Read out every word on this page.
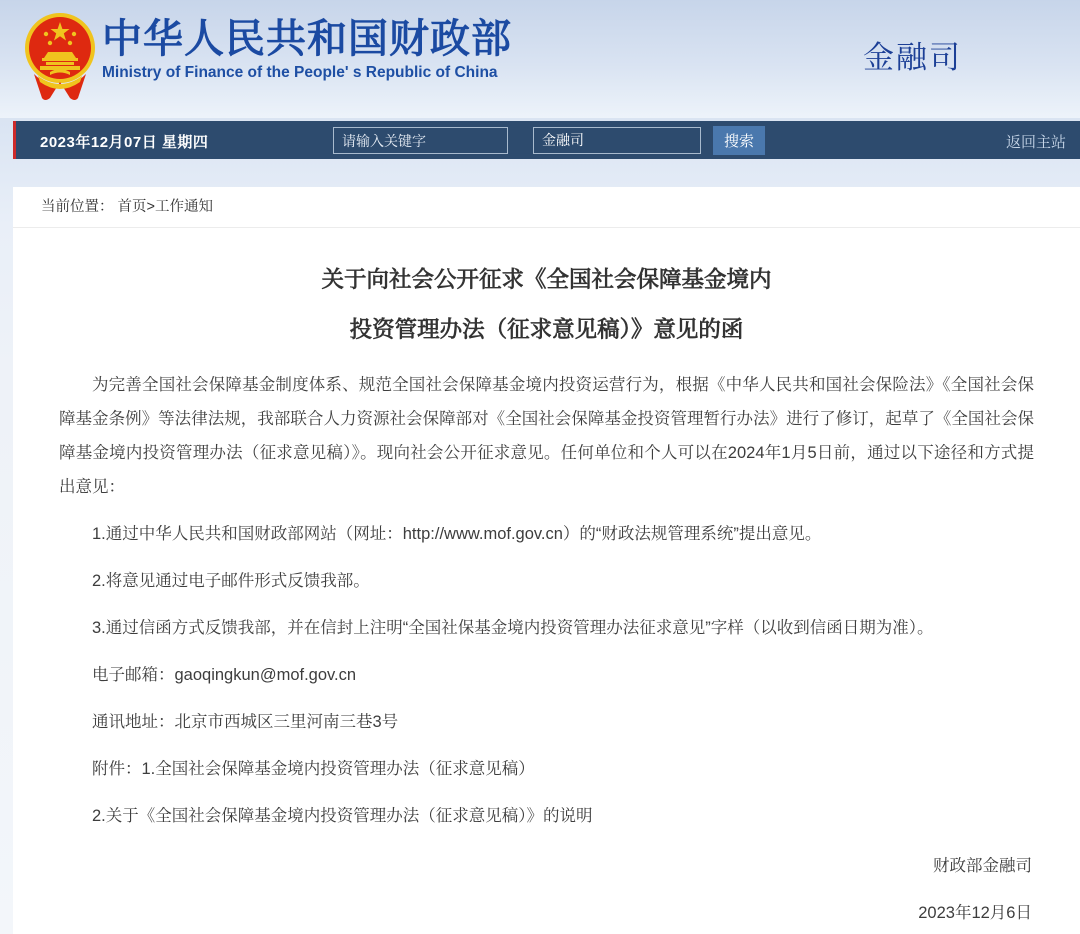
中华人民共和国财政部
Ministry of Finance of the People' s Republic of China	金融司
2023年12月07日 星期四
请输入关键字	金融司	搜索	返回主站
当前位置： 首页>工作通知
关于向社会公开征求《全国社会保障基金境内
投资管理办法（征求意见稿）》意见的函

为完善全国社会保障基金制度体系、规范全国社会保障基金境内投资运营行为，根据《中华人民共和国社会保险法》《全国社会保障基金条例》等法律法规，我部联合人力资源社会保障部对《全国社会保障基金投资管理暂行办法》进行了修订，起草了《全国社会保障基金境内投资管理办法（征求意见稿）》。现向社会公开征求意见。任何单位和个人可以在2024年1月5日前，通过以下途径和方式提出意见：

1.通过中华人民共和国财政部网站（网址：http://www.mof.gov.cn）的“财政法规管理系统”提出意见。

2.将意见通过电子邮件形式反馈我部。

3.通过信函方式反馈我部，并在信封上注明“全国社保基金境内投资管理办法征求意见”字样（以收到信函日期为准）。

电子邮箱：gaoqingkun@mof.gov.cn

通讯地址：北京市西城区三里河南三巷3号

附件：1.全国社会保障基金境内投资管理办法（征求意见稿）

2.关于《全国社会保障基金境内投资管理办法（征求意见稿）》的说明

财政部金融司
2023年12月6日
